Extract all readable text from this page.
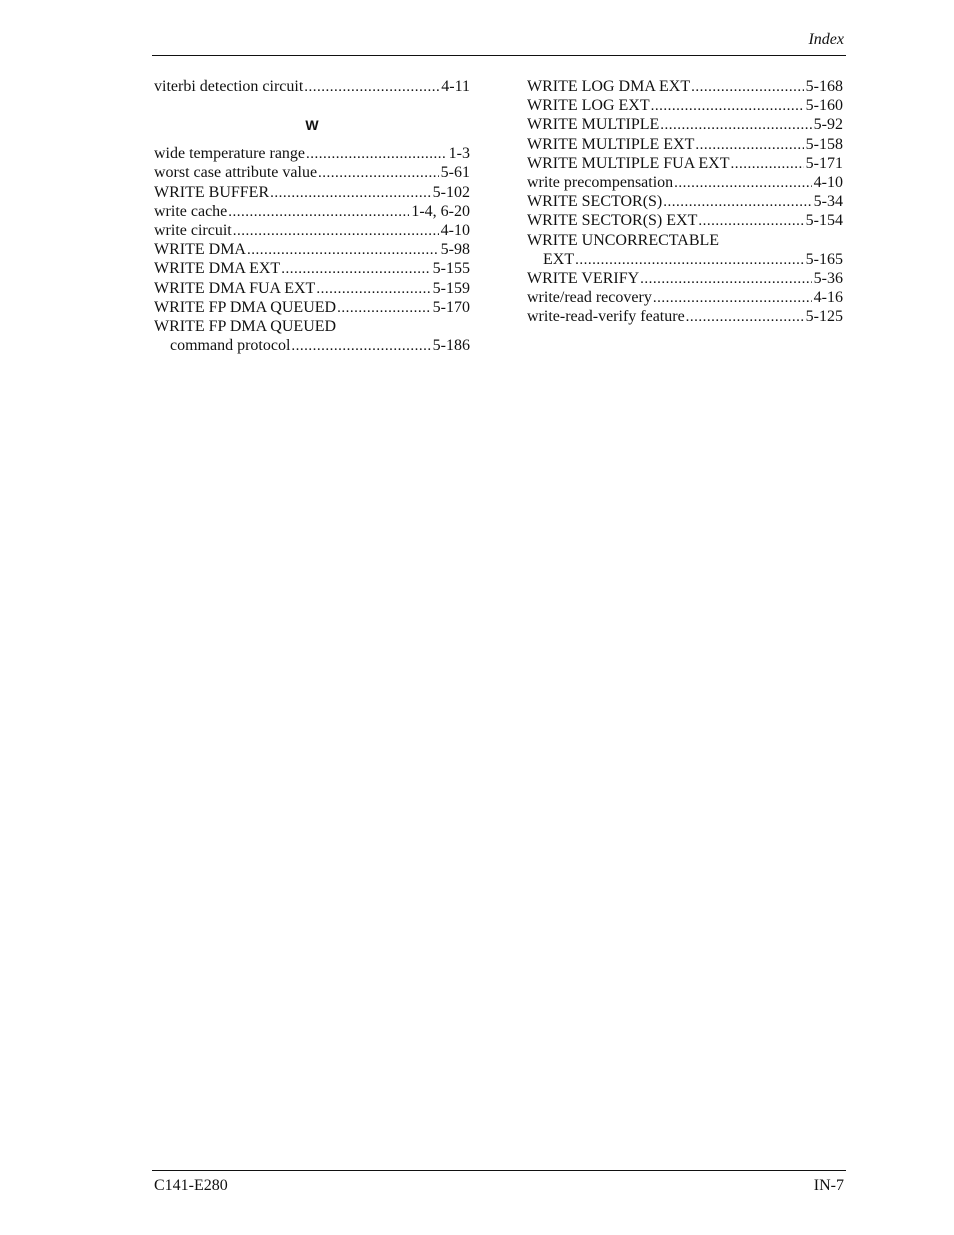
Index
viterbi detection circuit .....	4-11
W
wide temperature range .....	1-3
worst case attribute value .....	5-61
WRITE BUFFER .....	5-102
write cache .....	1-4, 6-20
write circuit .....	4-10
WRITE DMA .....	5-98
WRITE DMA EXT .....	5-155
WRITE DMA FUA EXT .....	5-159
WRITE FP DMA QUEUED .....	5-170
WRITE FP DMA QUEUED
command protocol .....	5-186
WRITE LOG DMA EXT .....	5-168
WRITE LOG EXT .....	5-160
WRITE MULTIPLE .....	5-92
WRITE MULTIPLE EXT .....	5-158
WRITE MULTIPLE FUA EXT .....	5-171
write precompensation .....	4-10
WRITE SECTOR(S) .....	5-34
WRITE SECTOR(S) EXT .....	5-154
WRITE UNCORRECTABLE
EXT .....	5-165
WRITE VERIFY .....	5-36
write/read recovery .....	4-16
write-read-verify feature .....	5-125
C141-E280	IN-7
